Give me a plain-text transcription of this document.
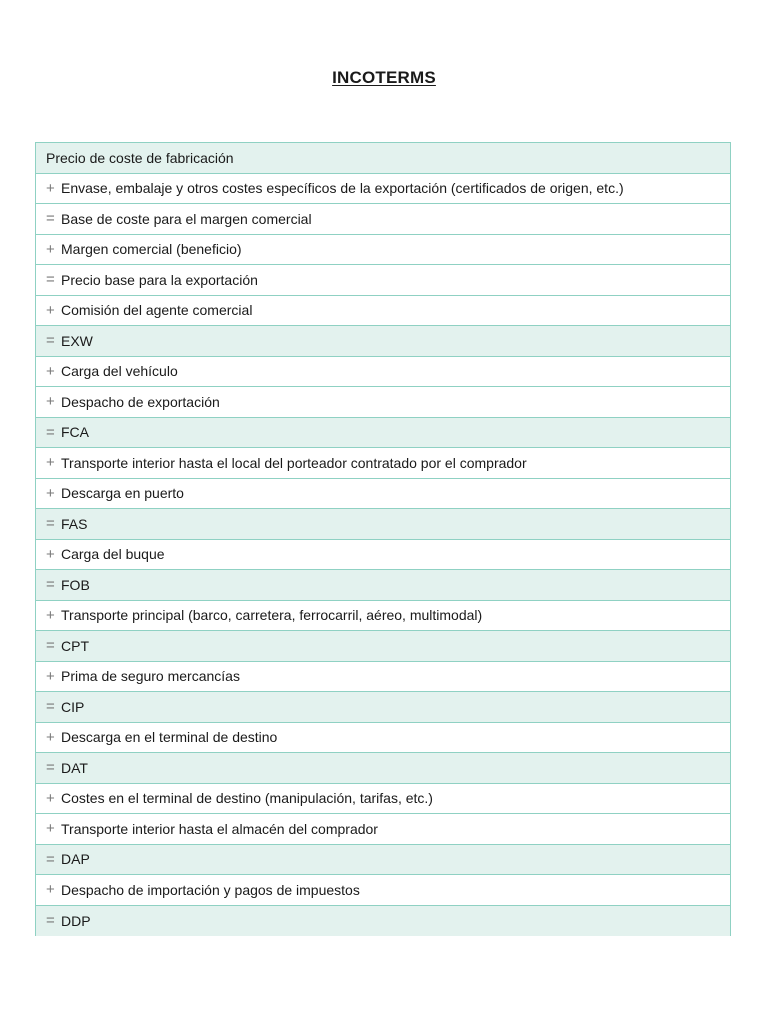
INCOTERMS
Precio de coste de fabricación
+ Envase, embalaje y otros costes específicos de la exportación (certificados de origen, etc.)
= Base de coste para el margen comercial
+ Margen comercial (beneficio)
= Precio base para la exportación
+ Comisión del agente comercial
= EXW
+ Carga del vehículo
+ Despacho de exportación
= FCA
+ Transporte interior hasta el local del porteador contratado por el comprador
+ Descarga en puerto
= FAS
+ Carga del buque
= FOB
+ Transporte principal (barco, carretera, ferrocarril, aéreo, multimodal)
= CPT
+ Prima de seguro mercancías
= CIP
+ Descarga en el terminal de destino
= DAT
+ Costes en el terminal de destino (manipulación, tarifas, etc.)
+ Transporte interior hasta el almacén del comprador
= DAP
+ Despacho de importación y pagos de impuestos
= DDP
